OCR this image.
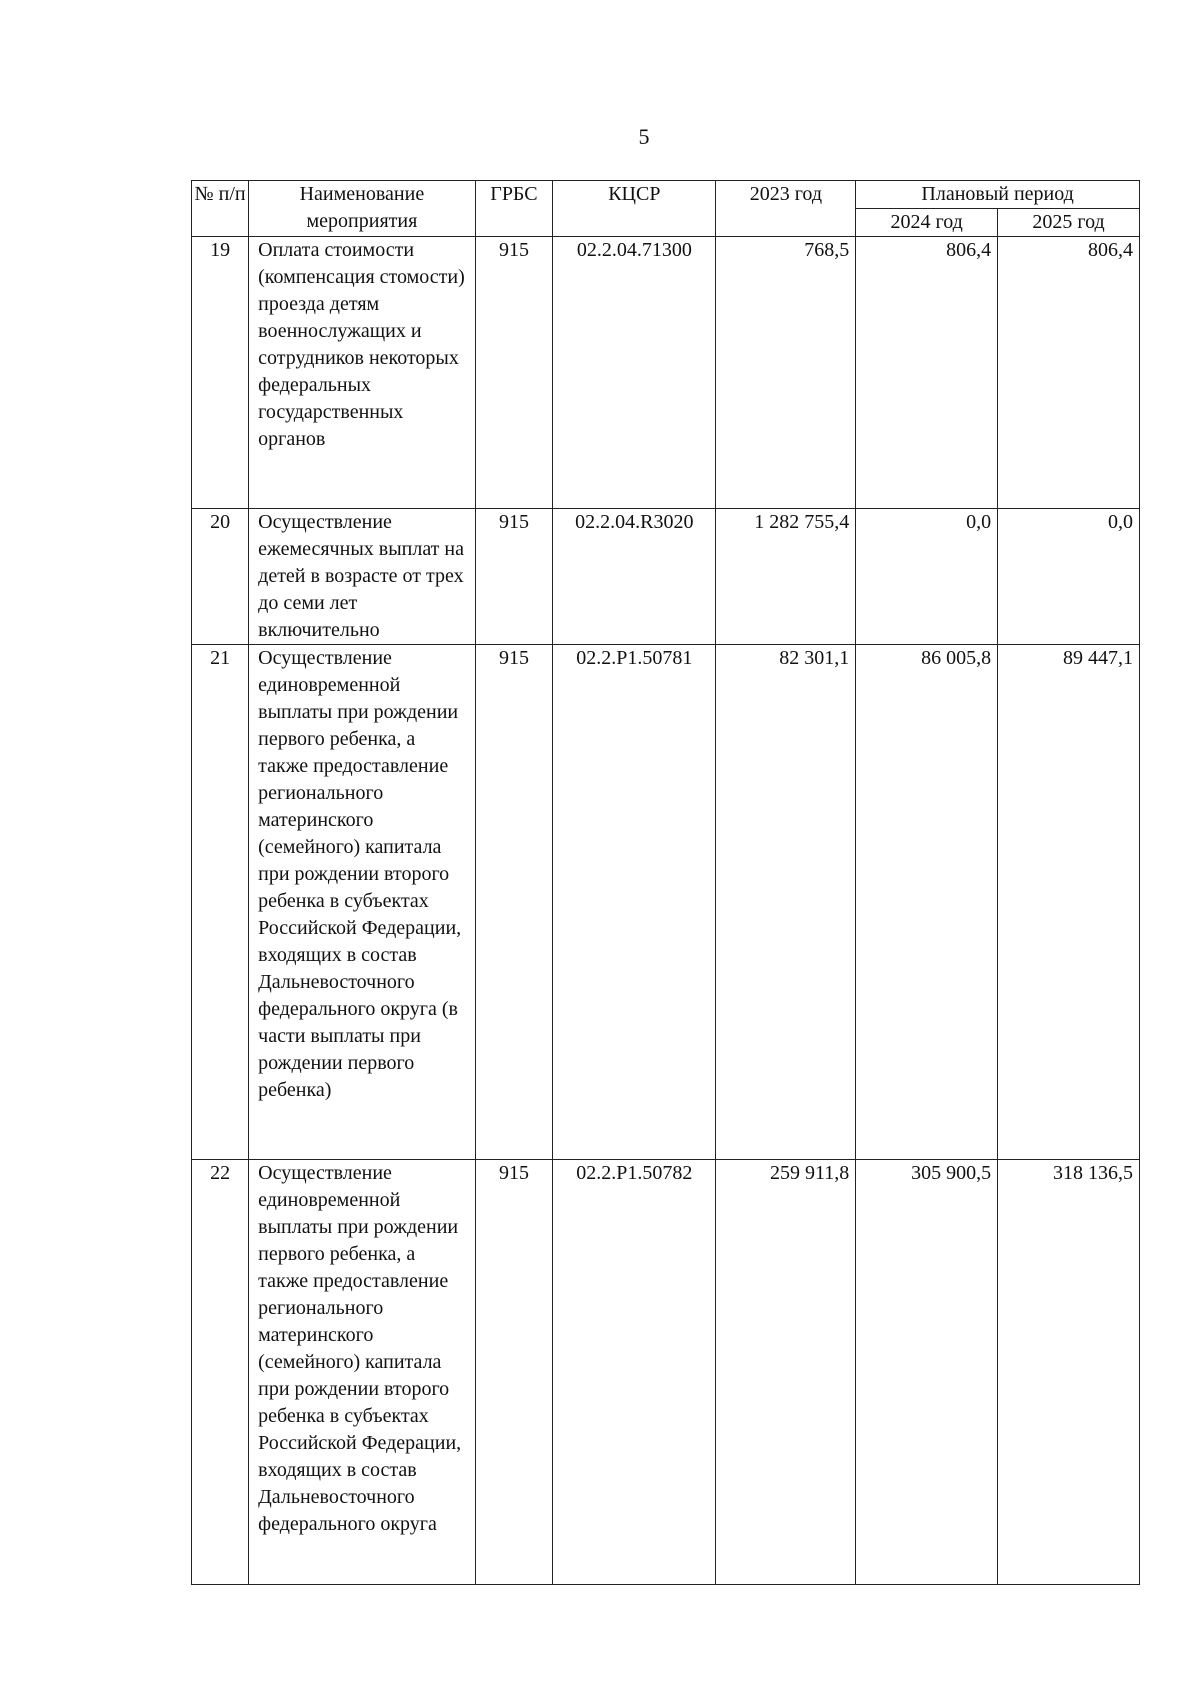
5
№ п/п	Наименование мероприятия	ГРБС	КЦСР	2023 год	Плановый период	
					2024 год	2025 год
19	Оплата стоимости (компенсация стомости) проезда детям военнослужащих и сотрудников некоторых федеральных государственных органов	915	02.2.04.71300	768,5	806,4	806,4
20	Осуществление ежемесячных выплат на детей в возрасте от трех до семи лет включительно	915	02.2.04.R3020	1 282 755,4	0,0	0,0
21	Осуществление единовременной выплаты при рождении первого ребенка, а также предоставление регионального материнского (семейного) капитала при рождении второго ребенка в субъектах Российской Федерации, входящих в состав Дальневосточного федерального округа (в части выплаты при рождении первого ребенка)	915	02.2.P1.50781	82 301,1	86 005,8	89 447,1
22	Осуществление единовременной выплаты при рождении первого ребенка, а также предоставление регионального материнского (семейного) капитала при рождении второго ребенка в субъектах Российской Федерации, входящих в состав Дальневосточного федерального округа	915	02.2.P1.50782	259 911,8	305 900,5	318 136,5
